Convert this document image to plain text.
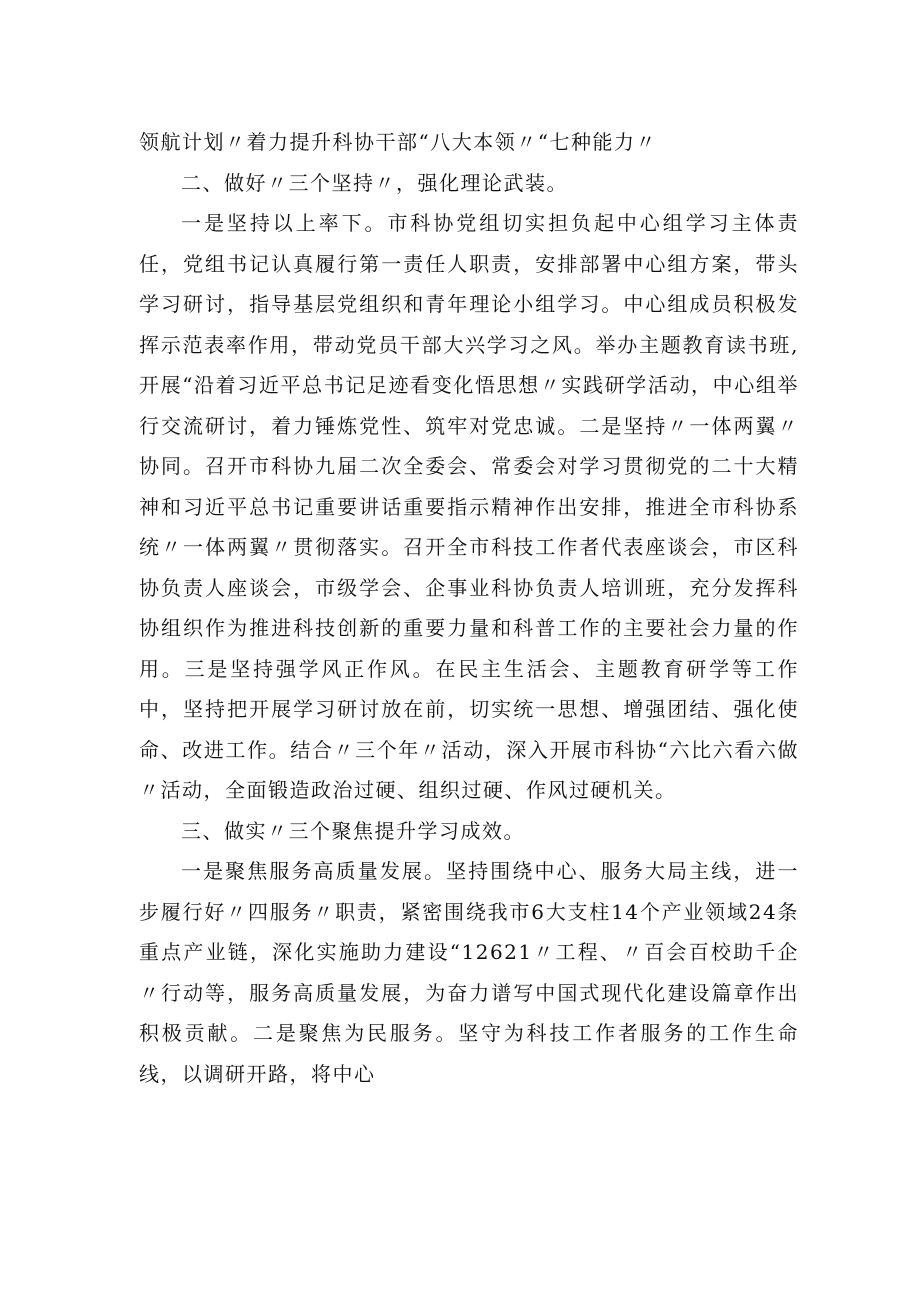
领航计划〃着力提升科协干部“八大本领〃“七种能力〃

二、做好〃三个坚持〃，强化理论武装。

一是坚持以上率下。市科协党组切实担负起中心组学习主体责任，党组书记认真履行第一责任人职责，安排部署中心组方案，带头学习研讨，指导基层党组织和青年理论小组学习。中心组成员积极发挥示范表率作用，带动党员干部大兴学习之风。举办主题教育读书班,开展“沿着习近平总书记足迹看变化悟思想〃实践研学活动，中心组举行交流研讨，着力锤炼党性、筑牢对党忠诚。二是坚持〃一体两翼〃协同。召开市科协九届二次全委会、常委会对学习贯彻党的二十大精神和习近平总书记重要讲话重要指示精神作出安排，推进全市科协系统〃一体两翼〃贯彻落实。召开全市科技工作者代表座谈会，市区科协负责人座谈会，市级学会、企事业科协负责人培训班，充分发挥科协组织作为推进科技创新的重要力量和科普工作的主要社会力量的作用。三是坚持强学风正作风。在民主生活会、主题教育研学等工作中，坚持把开展学习研讨放在前，切实统一思想、增强团结、强化使命、改进工作。结合〃三个年〃活动，深入开展市科协“六比六看六做〃活动，全面锻造政治过硬、组织过硬、作风过硬机关。

三、做实〃三个聚焦提升学习成效。

一是聚焦服务高质量发展。坚持围绕中心、服务大局主线，进一步履行好〃四服务〃职责，紧密围绕我市6大支柱14个产业领域24条重点产业链，深化实施助力建设“12621〃工程、〃百会百校助千企〃行动等，服务高质量发展，为奋力谱写中国式现代化建设篇章作出积极贡献。二是聚焦为民服务。坚守为科技工作者服务的工作生命线，以调研开路，将中心
